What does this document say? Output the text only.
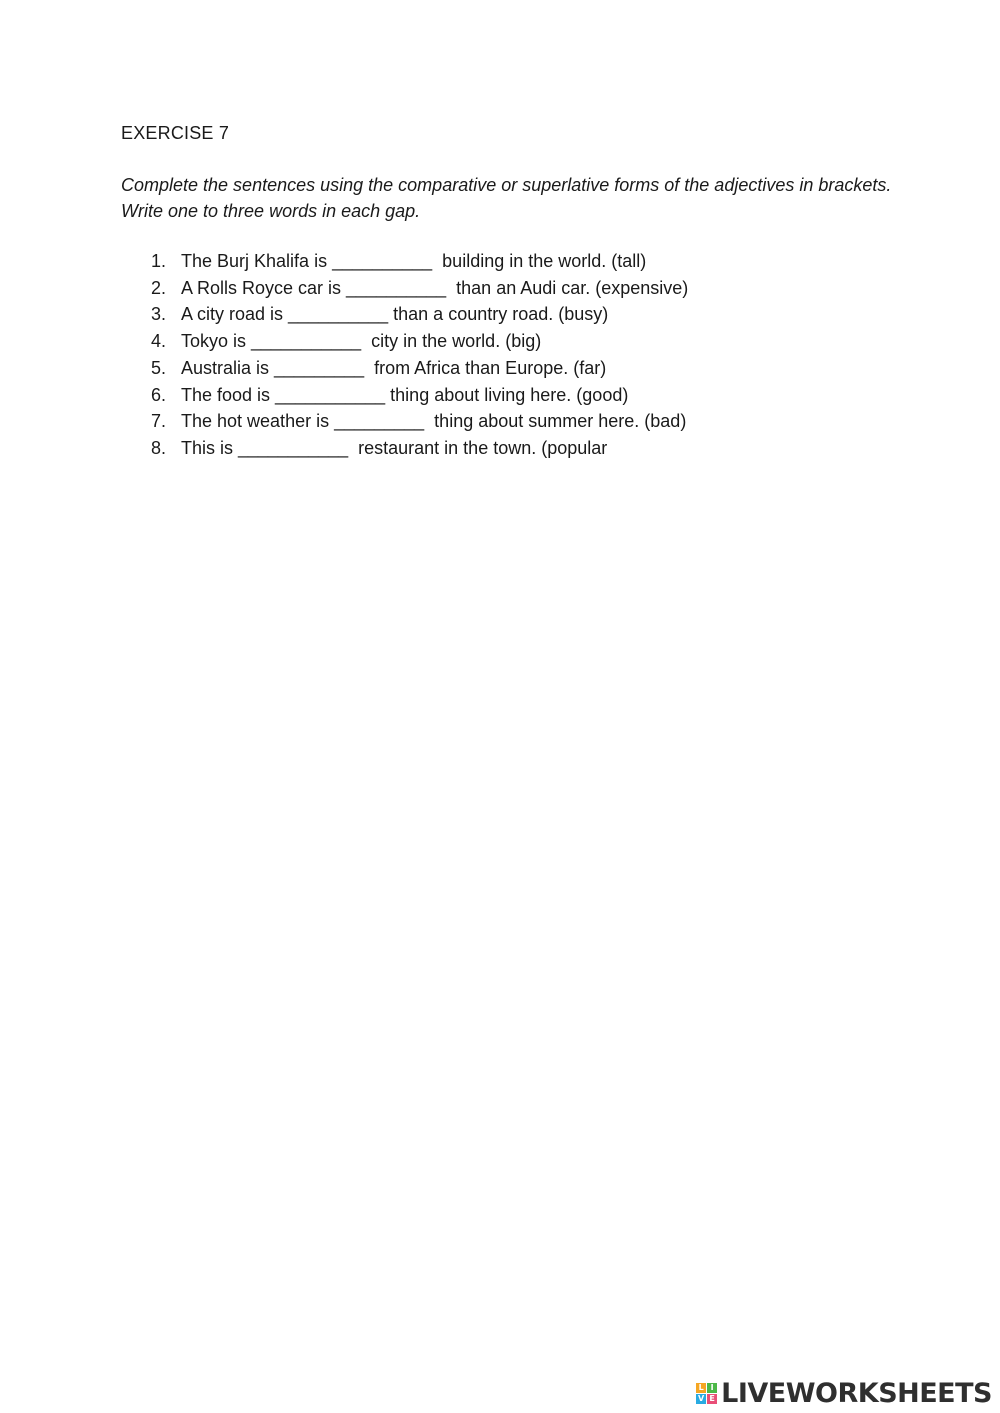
EXERCISE 7
Complete the sentences using the comparative or superlative forms of the adjectives in brackets. Write one to three words in each gap.
1. The Burj Khalifa is __________  building in the world. (tall)
2. A Rolls Royce car is __________  than an Audi car. (expensive)
3. A city road is __________ than a country road. (busy)
4. Tokyo is ___________  city in the world. (big)
5. Australia is _________  from Africa than Europe. (far)
6. The food is ___________ thing about living here. (good)
7. The hot weather is _________  thing about summer here. (bad)
8. This is ___________  restaurant in the town. (popular
L I
V E LIVEWORKSHEETS
